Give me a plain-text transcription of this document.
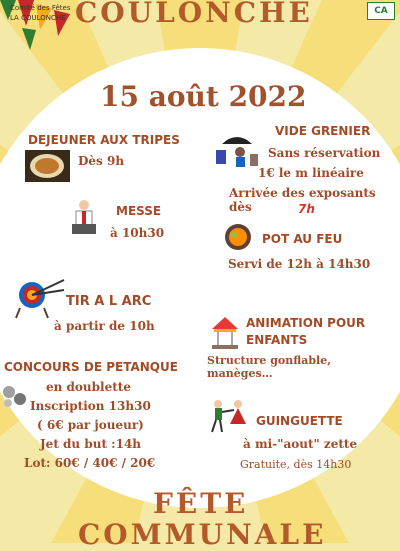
Comité des Fêtes
LA COULONCHE COULONCHE	CA
15 août 2022
DEJEUNER AUX TRIPES
Dès 9h
VIDE GRENIER
Sans réservation
1€ le m linéaire
Arrivée des exposants dès	7h
MESSE
à 10h30	POT AU FEU
Servi de 12h à 14h30
TIR A L ARC
à partir de 10h	ANIMATION POUR ENFANTS
Structure gonflable, manèges…
CONCOURS DE PETANQUE
en doublette
Inscription 13h30
( 6€ par joueur)
Jet du but :14h
Lot: 60€ / 40€ / 20€
GUINGUETTE
à mi-"aout" zette
Gratuite, dès 14h30
FÊTE
COMMUNALE
